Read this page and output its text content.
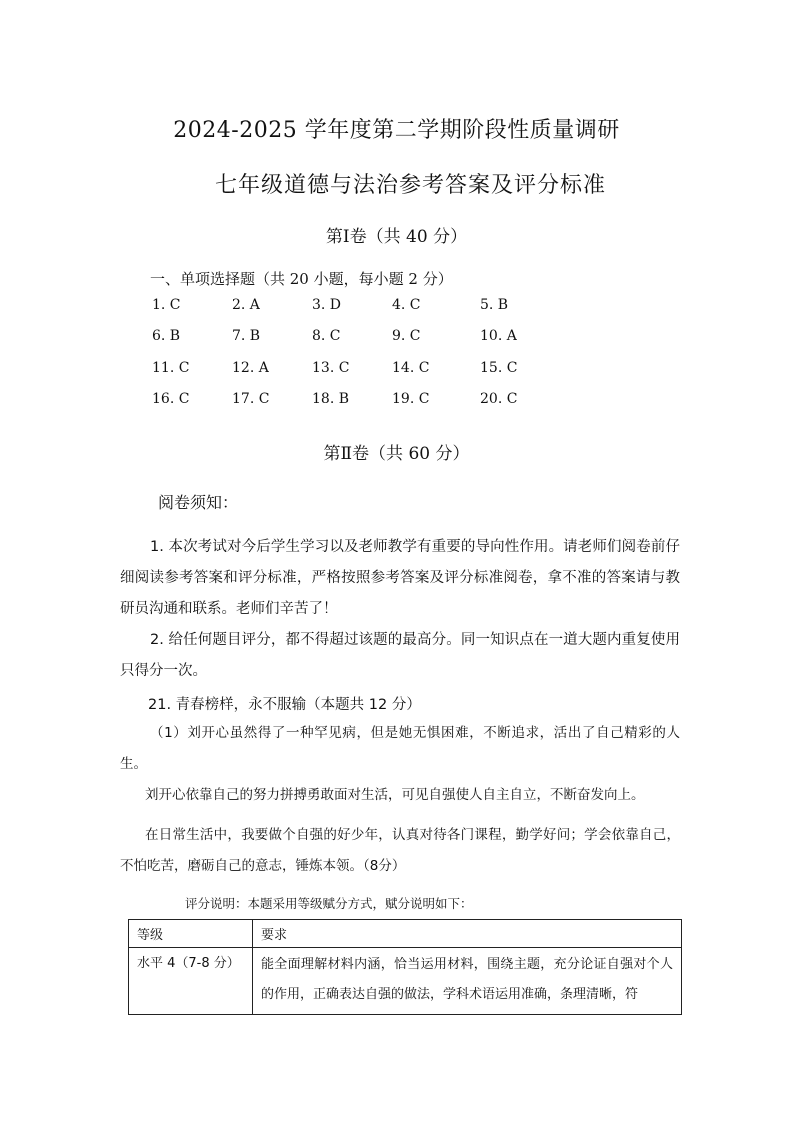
2024-2025 学年度第二学期阶段性质量调研
七年级道德与法治参考答案及评分标准
第Ⅰ卷（共 40 分）
一、单项选择题（共 20 小题，每小题 2 分）
1. C	2. A	3. D	4. C	5. B
6. B	7. B	8. C	9. C	10. A
11. C	12. A	13. C	14. C	15. C
16. C	17. C	18. B	19. C	20. C
第Ⅱ卷（共 60 分）
阅卷须知：
1. 本次考试对今后学生学习以及老师教学有重要的导向性作用。请老师们阅卷前仔细阅读参考答案和评分标准，严格按照参考答案及评分标准阅卷，拿不准的答案请与教研员沟通和联系。老师们辛苦了！
2. 给任何题目评分，都不得超过该题的最高分。同一知识点在一道大题内重复使用只得分一次。
21. 青春榜样，永不服输（本题共 12 分）
（1）刘开心虽然得了一种罕见病，但是她无惧困难，不断追求，活出了自己精彩的人生。
刘开心依靠自己的努力拼搏勇敢面对生活，可见自强使人自主自立，不断奋发向上。
在日常生活中，我要做个自强的好少年，认真对待各门课程，勤学好问；学会依靠自己，不怕吃苦，磨砺自己的意志，锤炼本领。（8分）
评分说明：本题采用等级赋分方式，赋分说明如下：
等级	要求
水平 4（7-8 分）	能全面理解材料内涵，恰当运用材料，围绕主题，充分论证自强对个人的作用，正确表达自强的做法，学科术语运用准确，条理清晰，符
